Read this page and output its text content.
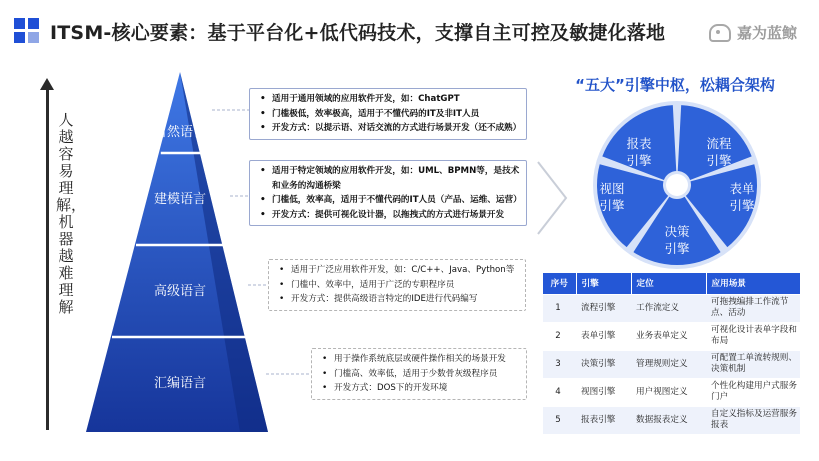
ITSM-核心要素：基于平台化+低代码技术，支撑自主可控及敏捷化落地	嘉为蓝鲸
人越容易理解，机器越难理解
自然语言
建模语言
高级语言
汇编语言
• 适用于通用领域的应用软件开发，如：ChatGPT
• 门槛极低，效率极高，适用于不懂代码的IT及非IT人员
• 开发方式：以提示语、对话交流的方式进行场景开发（还不成熟）
• 适用于特定领域的应用软件开发，如：UML、BPMN等，是技术和业务的沟通桥梁
• 门槛低，效率高，适用于不懂代码的IT人员（产品、运维、运营）
• 开发方式：提供可视化设计器，以拖拽式的方式进行场景开发
• 适用于广泛应用软件开发，如：C/C++、Java、Python等
• 门槛中、效率中，适用于广泛的专职程序员
• 开发方式：提供高级语言特定的IDE进行代码编写
• 用于操作系统底层或硬件操作相关的场景开发
• 门槛高、效率低，适用于少数骨灰级程序员
• 开发方式：DOS下的开发环境
“五大”引擎中枢，松耦合架构
流程
引擎
表单
引擎
决策
引擎
视图
引擎
报表
引擎
序号	引擎	定位	应用场景
1	流程引擎	工作流定义	可拖拽编排工作流节点、活动
2	表单引擎	业务表单定义	可视化设计表单字段和布局
3	决策引擎	管理规则定义	可配置工单流转规则、决策机制
4	视图引擎	用户视图定义	个性化构建用户式服务门户
5	报表引擎	数据报表定义	自定义指标及运营服务报表
